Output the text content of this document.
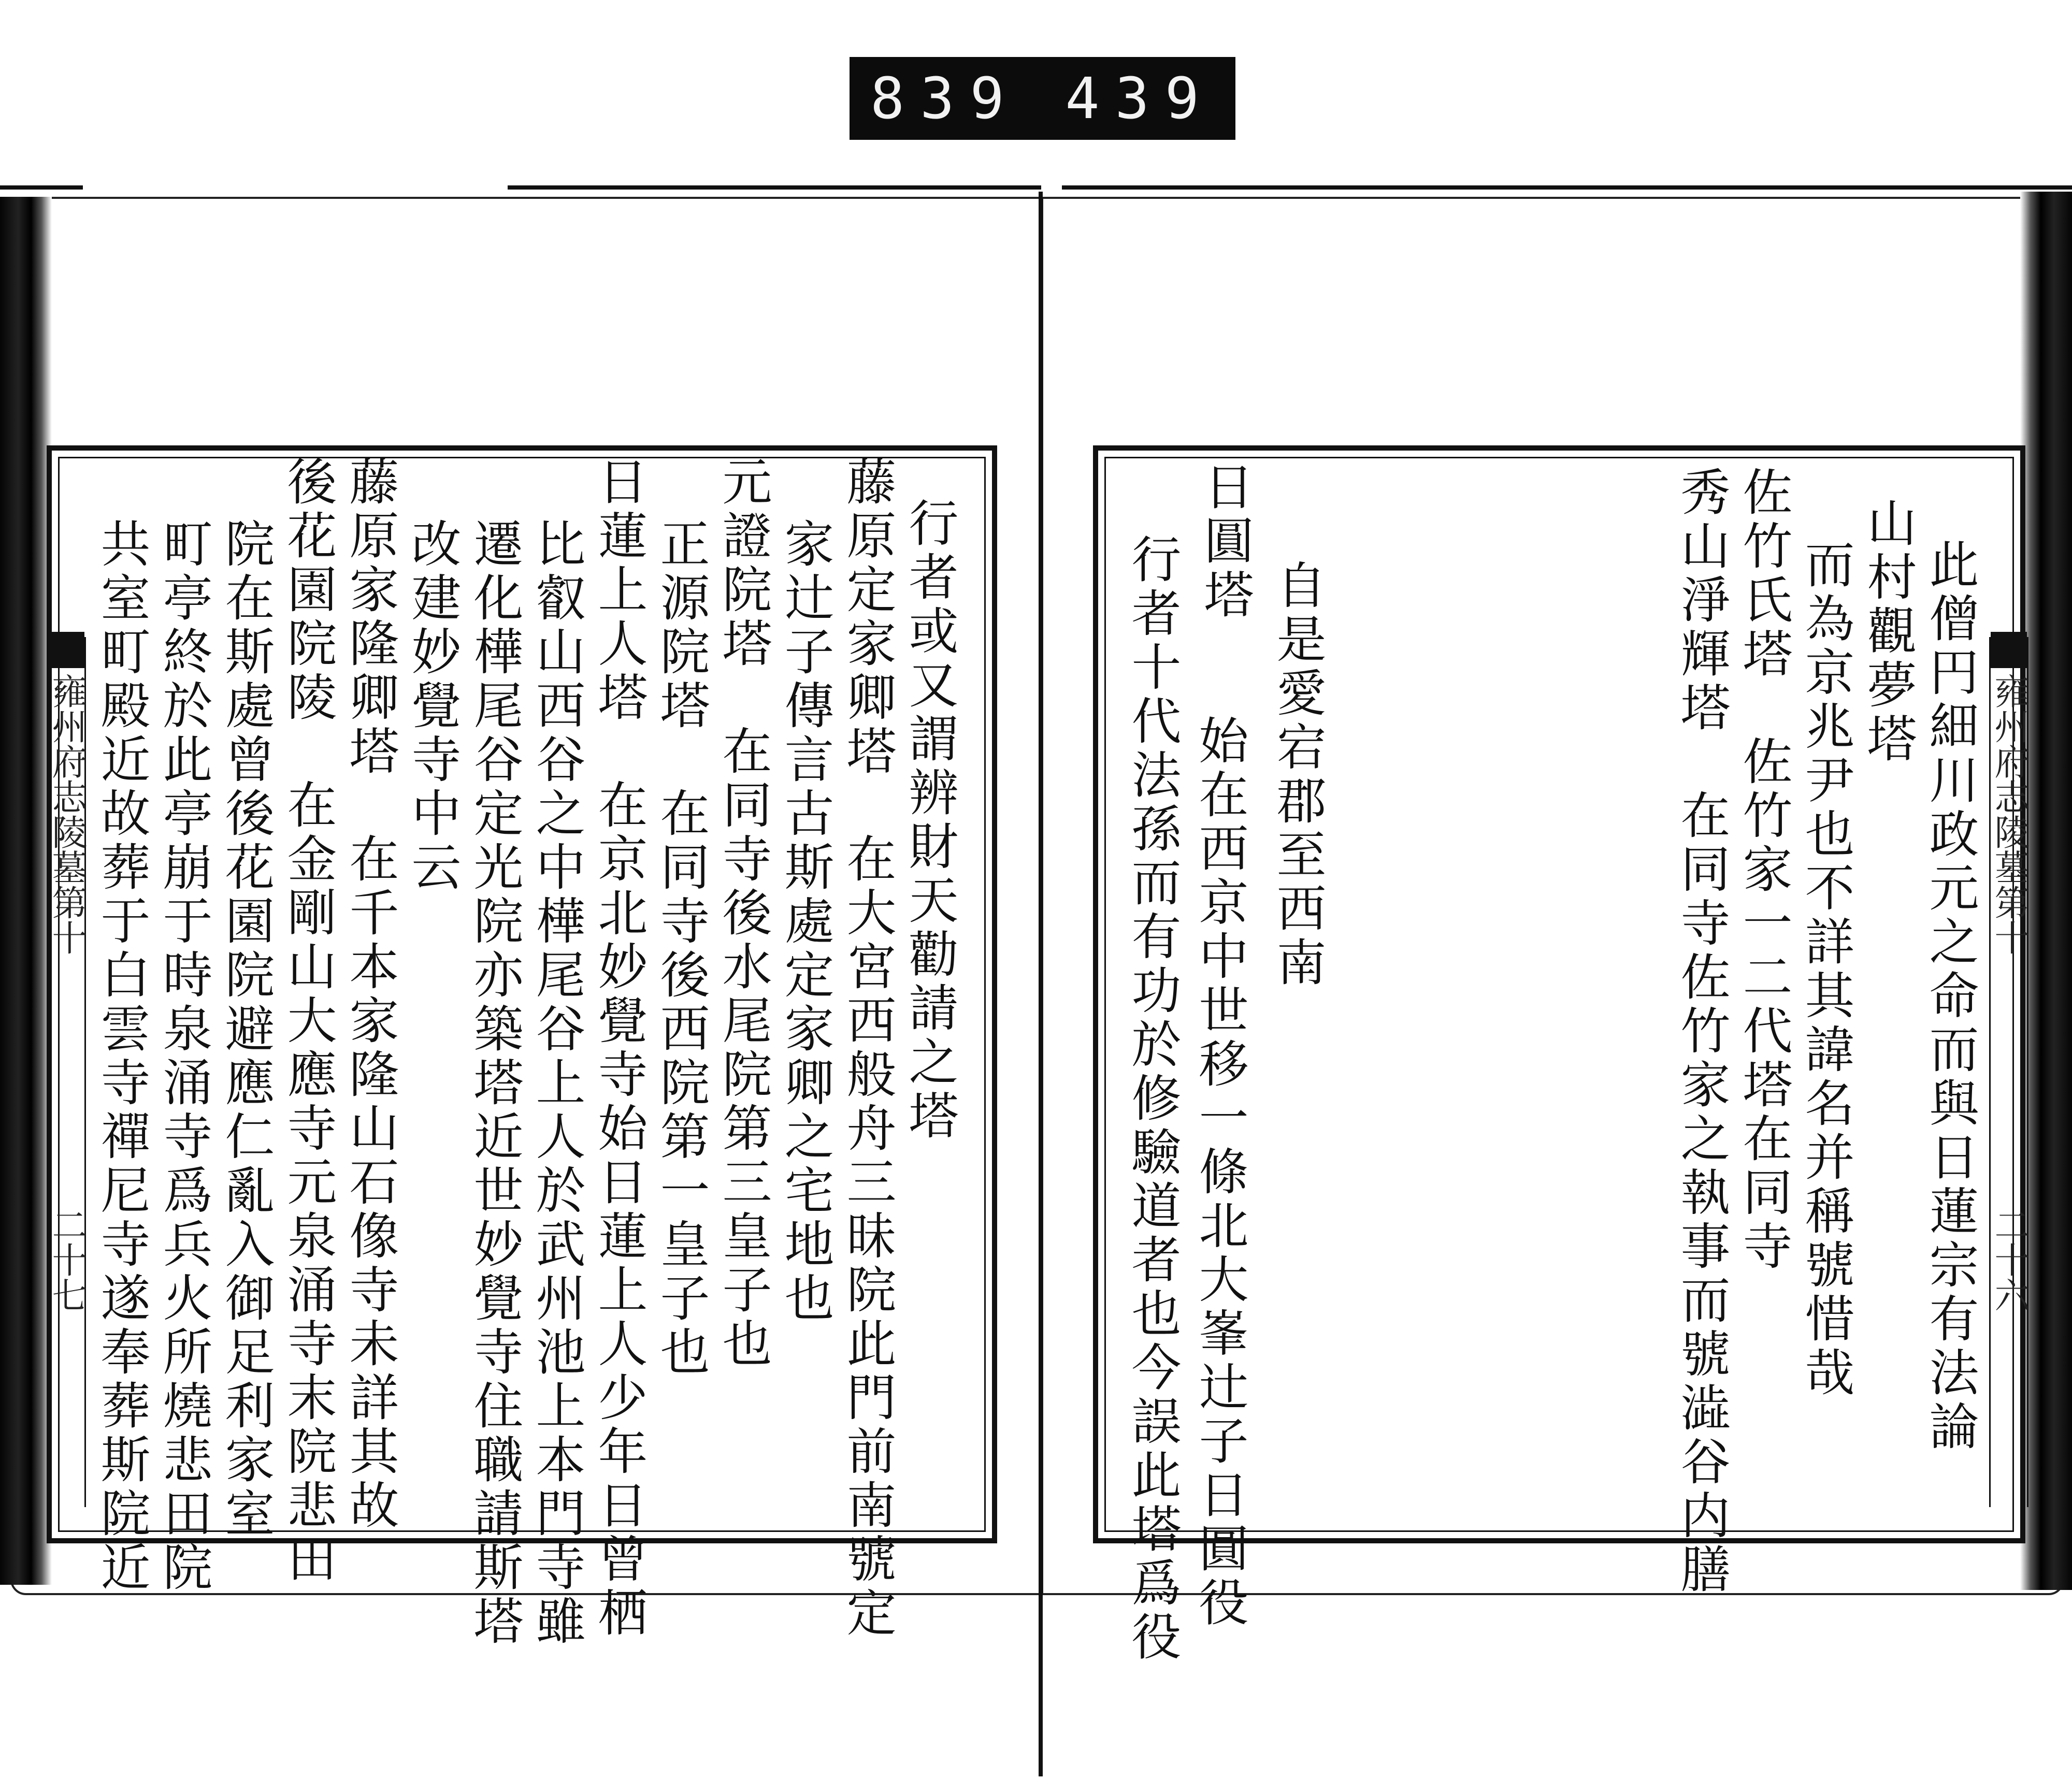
839 439
雍州府志陵墓第十
二十七
雍州府志陵墓第十
二十六
此僧円細川政元之命而與日蓮宗有法論
山村觀夢塔
而為京兆尹也不詳其諱名并稱號惜哉
佐竹氏塔　佐竹家一二代塔在同寺
秀山淨輝塔　在同寺佐竹家之執事而號澁谷内膳
自是愛宕郡至西南
日圓塔
行者十代法孫而有功於修驗道者也今誤此塔爲役 始在西京中世移一條北大峯辻子日圓役
行者或又謂辨財天勸請之塔
藤原定家卿塔　在大宮西般舟三昧院此門前南號定
家辻子傳言古斯處定家卿之宅地也
元證院塔　在同寺後水尾院第三皇子也
正源院塔　在同寺後西院第一皇子也
日蓮上人塔　在京北妙覺寺始日蓮上人少年日曾栖
比叡山西谷之中樺尾谷上人於武州池上本門寺雖
遷化樺尾谷定光院亦築塔近世妙覺寺住職請斯塔
改建妙覺寺中云
藤原家隆卿塔　在千本家隆山石像寺未詳其故
後花園院陵　在金剛山大應寺元泉涌寺末院悲田
院在斯處曾後花園院避應仁亂入御足利家室
町亭終於此亭崩于時泉涌寺爲兵火所燒悲田院
共室町殿近故葬于白雲寺禪尼寺遂奉葬斯院近
